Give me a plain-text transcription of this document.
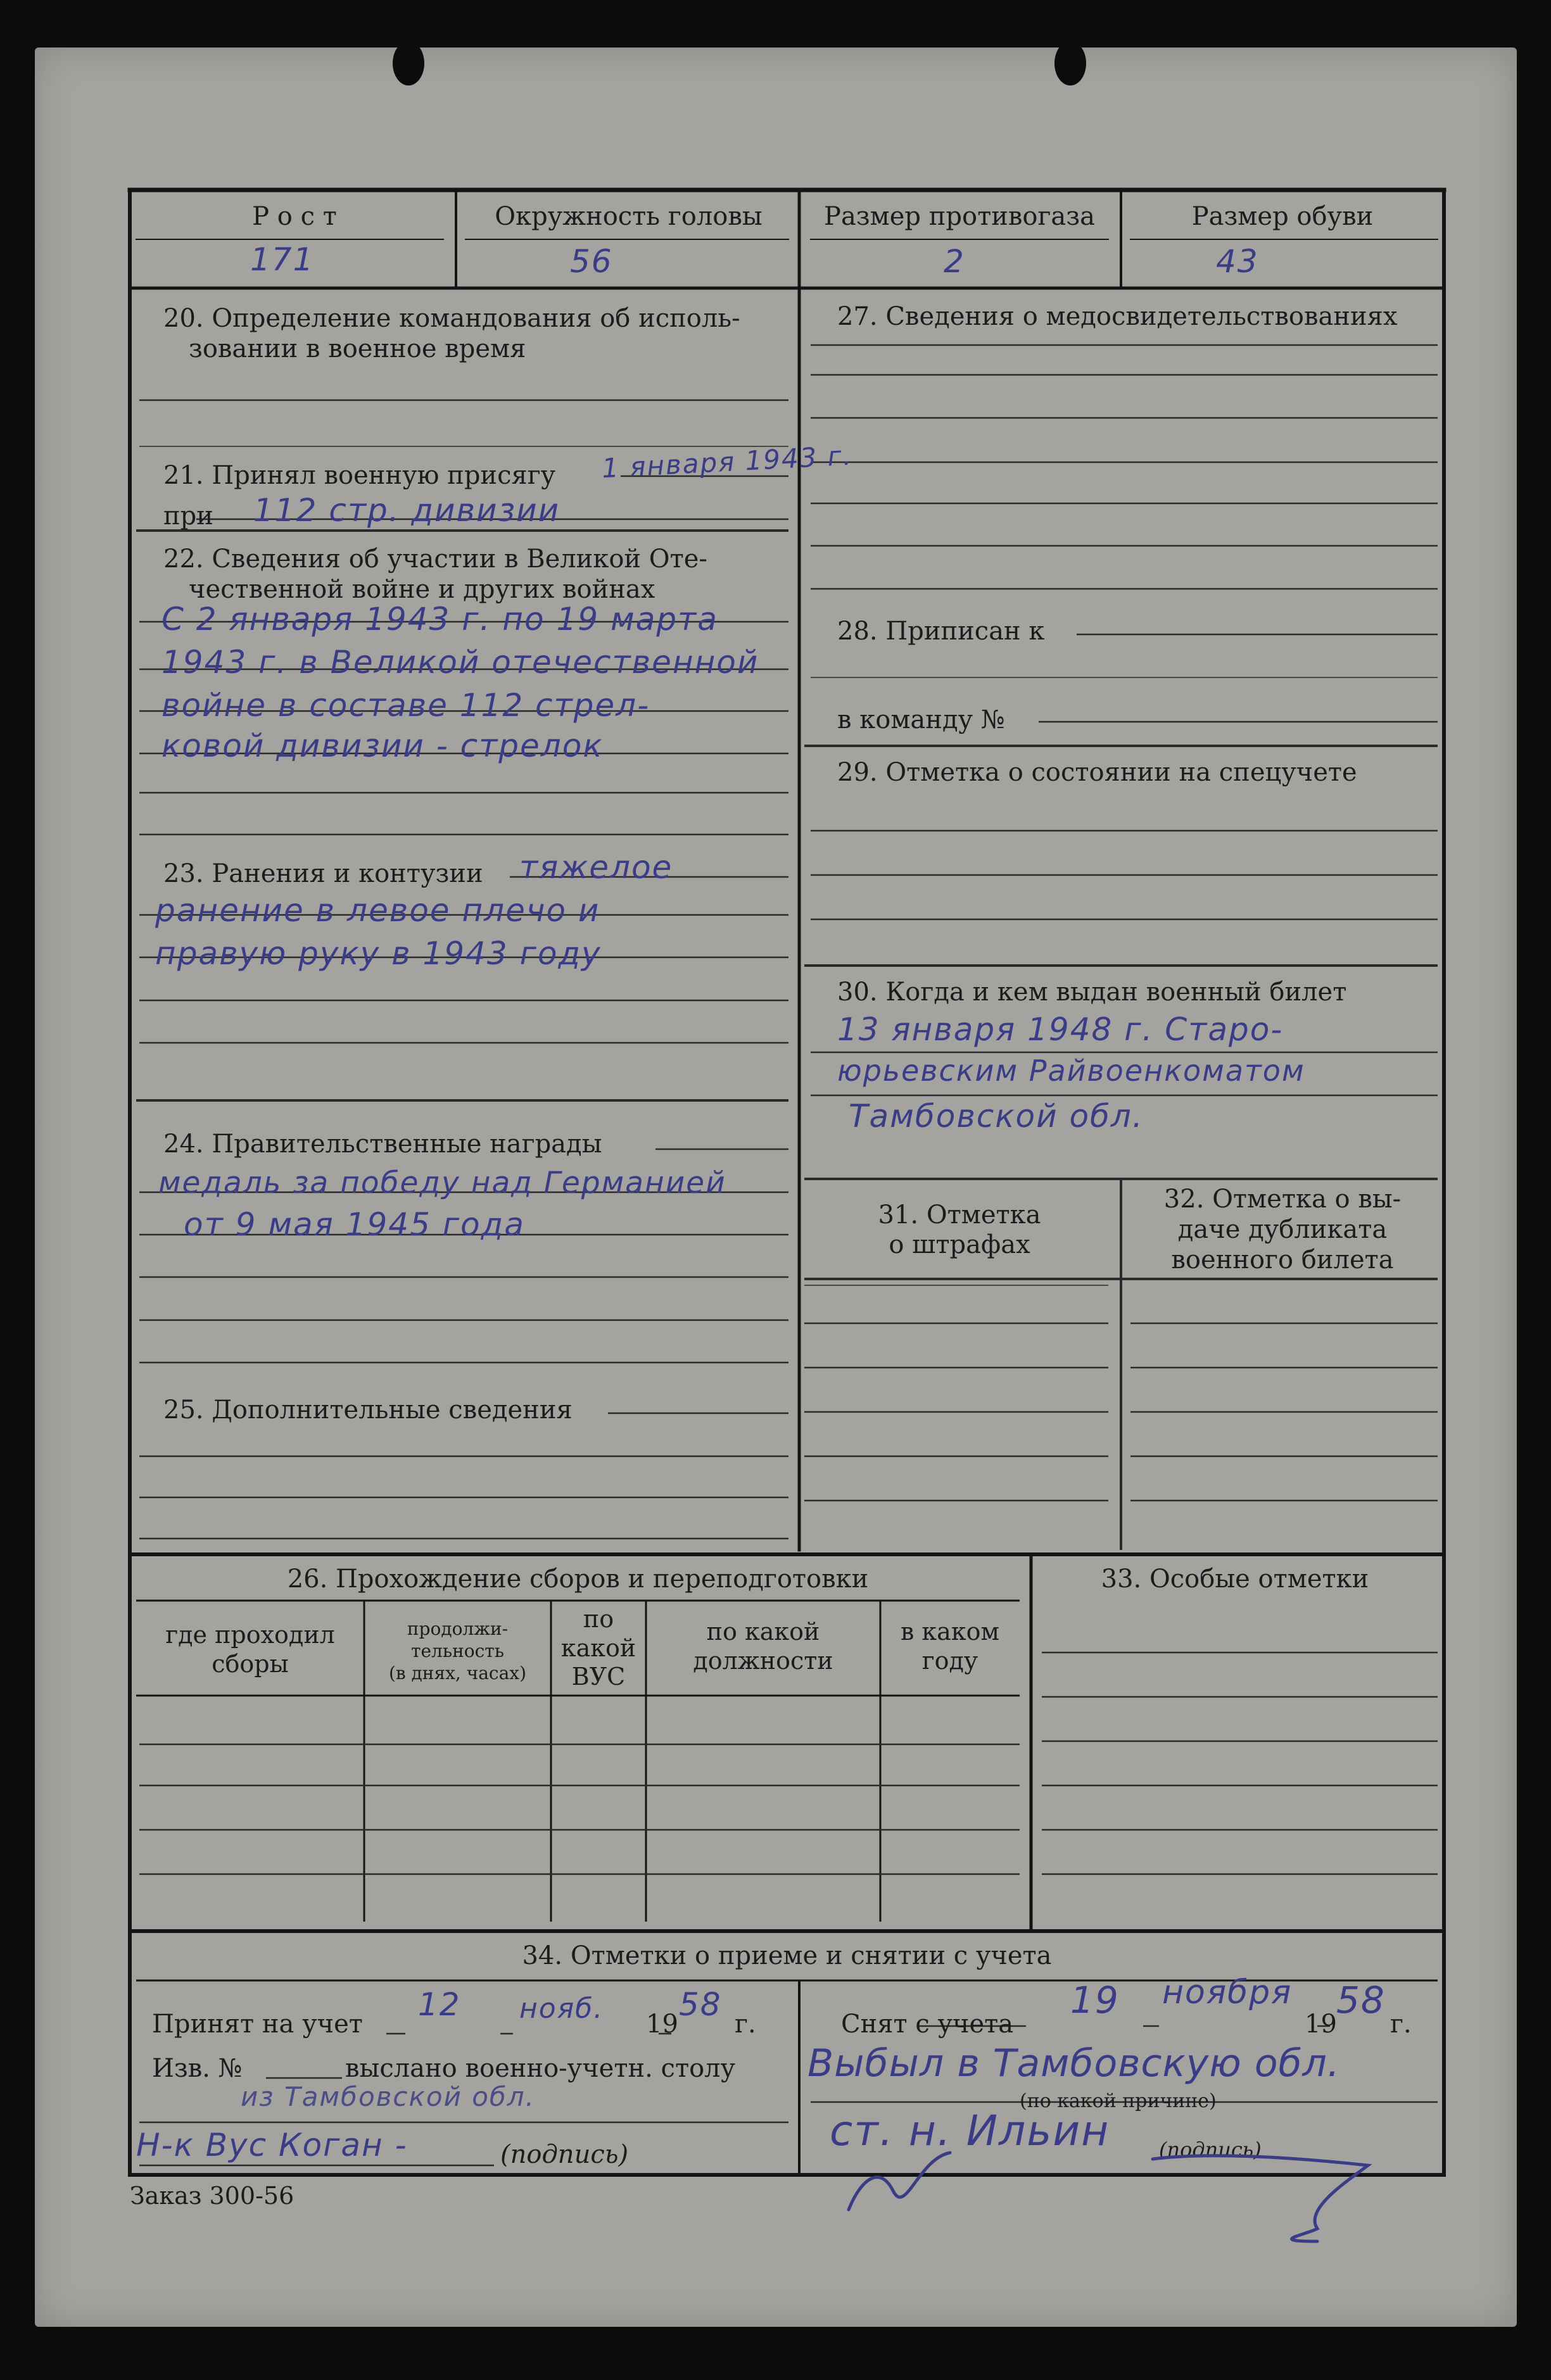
Р о с т
171
Окружность головы
56
Размер противогаза
2
Размер обуви
43
20. Определение командования об исполь-
зовании в военное время
21. Принял военную присягу 1 января 1943 г.
при 112 стр. дивизии
22. Сведения об участии в Великой Оте-
чественной войне и других войнах
С 2 января 1943 г. по 19 марта
1943 г. в Великой отечественной
войне в составе 112 стрел-
ковой дивизии - стрелок
23. Ранения и контузии тяжелое
ранение в левое плечо и
правую руку в 1943 году
24. Правительственные награды
медаль за победу над Германией
от 9 мая 1945 года
25. Дополнительные сведения
27. Сведения о медосвидетельствованиях
28. Приписан к
в команду №
29. Отметка о состоянии на спецучете
30. Когда и кем выдан военный билет
13 января 1948 г. Старо-
юрьевским Райвоенкоматом
Тамбовской обл.
31. Отметка
о штрафах
32. Отметка о вы-
даче дубликата
военного билета
26. Прохождение сборов и переподготовки
где проходил
сборы
продолжи-
тельность
(в днях, часах)
по
какой
ВУС
по какой
должности
в каком
году
33. Особые отметки
34. Отметки о приеме и снятии с учета
Принят на учет
12 нояб. 19
58
г.
Изв. №	выслано военно-учетн. столу
из Тамбовской обл.
Н-к Вус Коган -	(подпись)
Снят с учета
19 ноября
19
58
г.
Выбыл в Тамбовскую обл.
(по какой причине)
ст. н. Ильин (подпись)
Заказ 300-56
